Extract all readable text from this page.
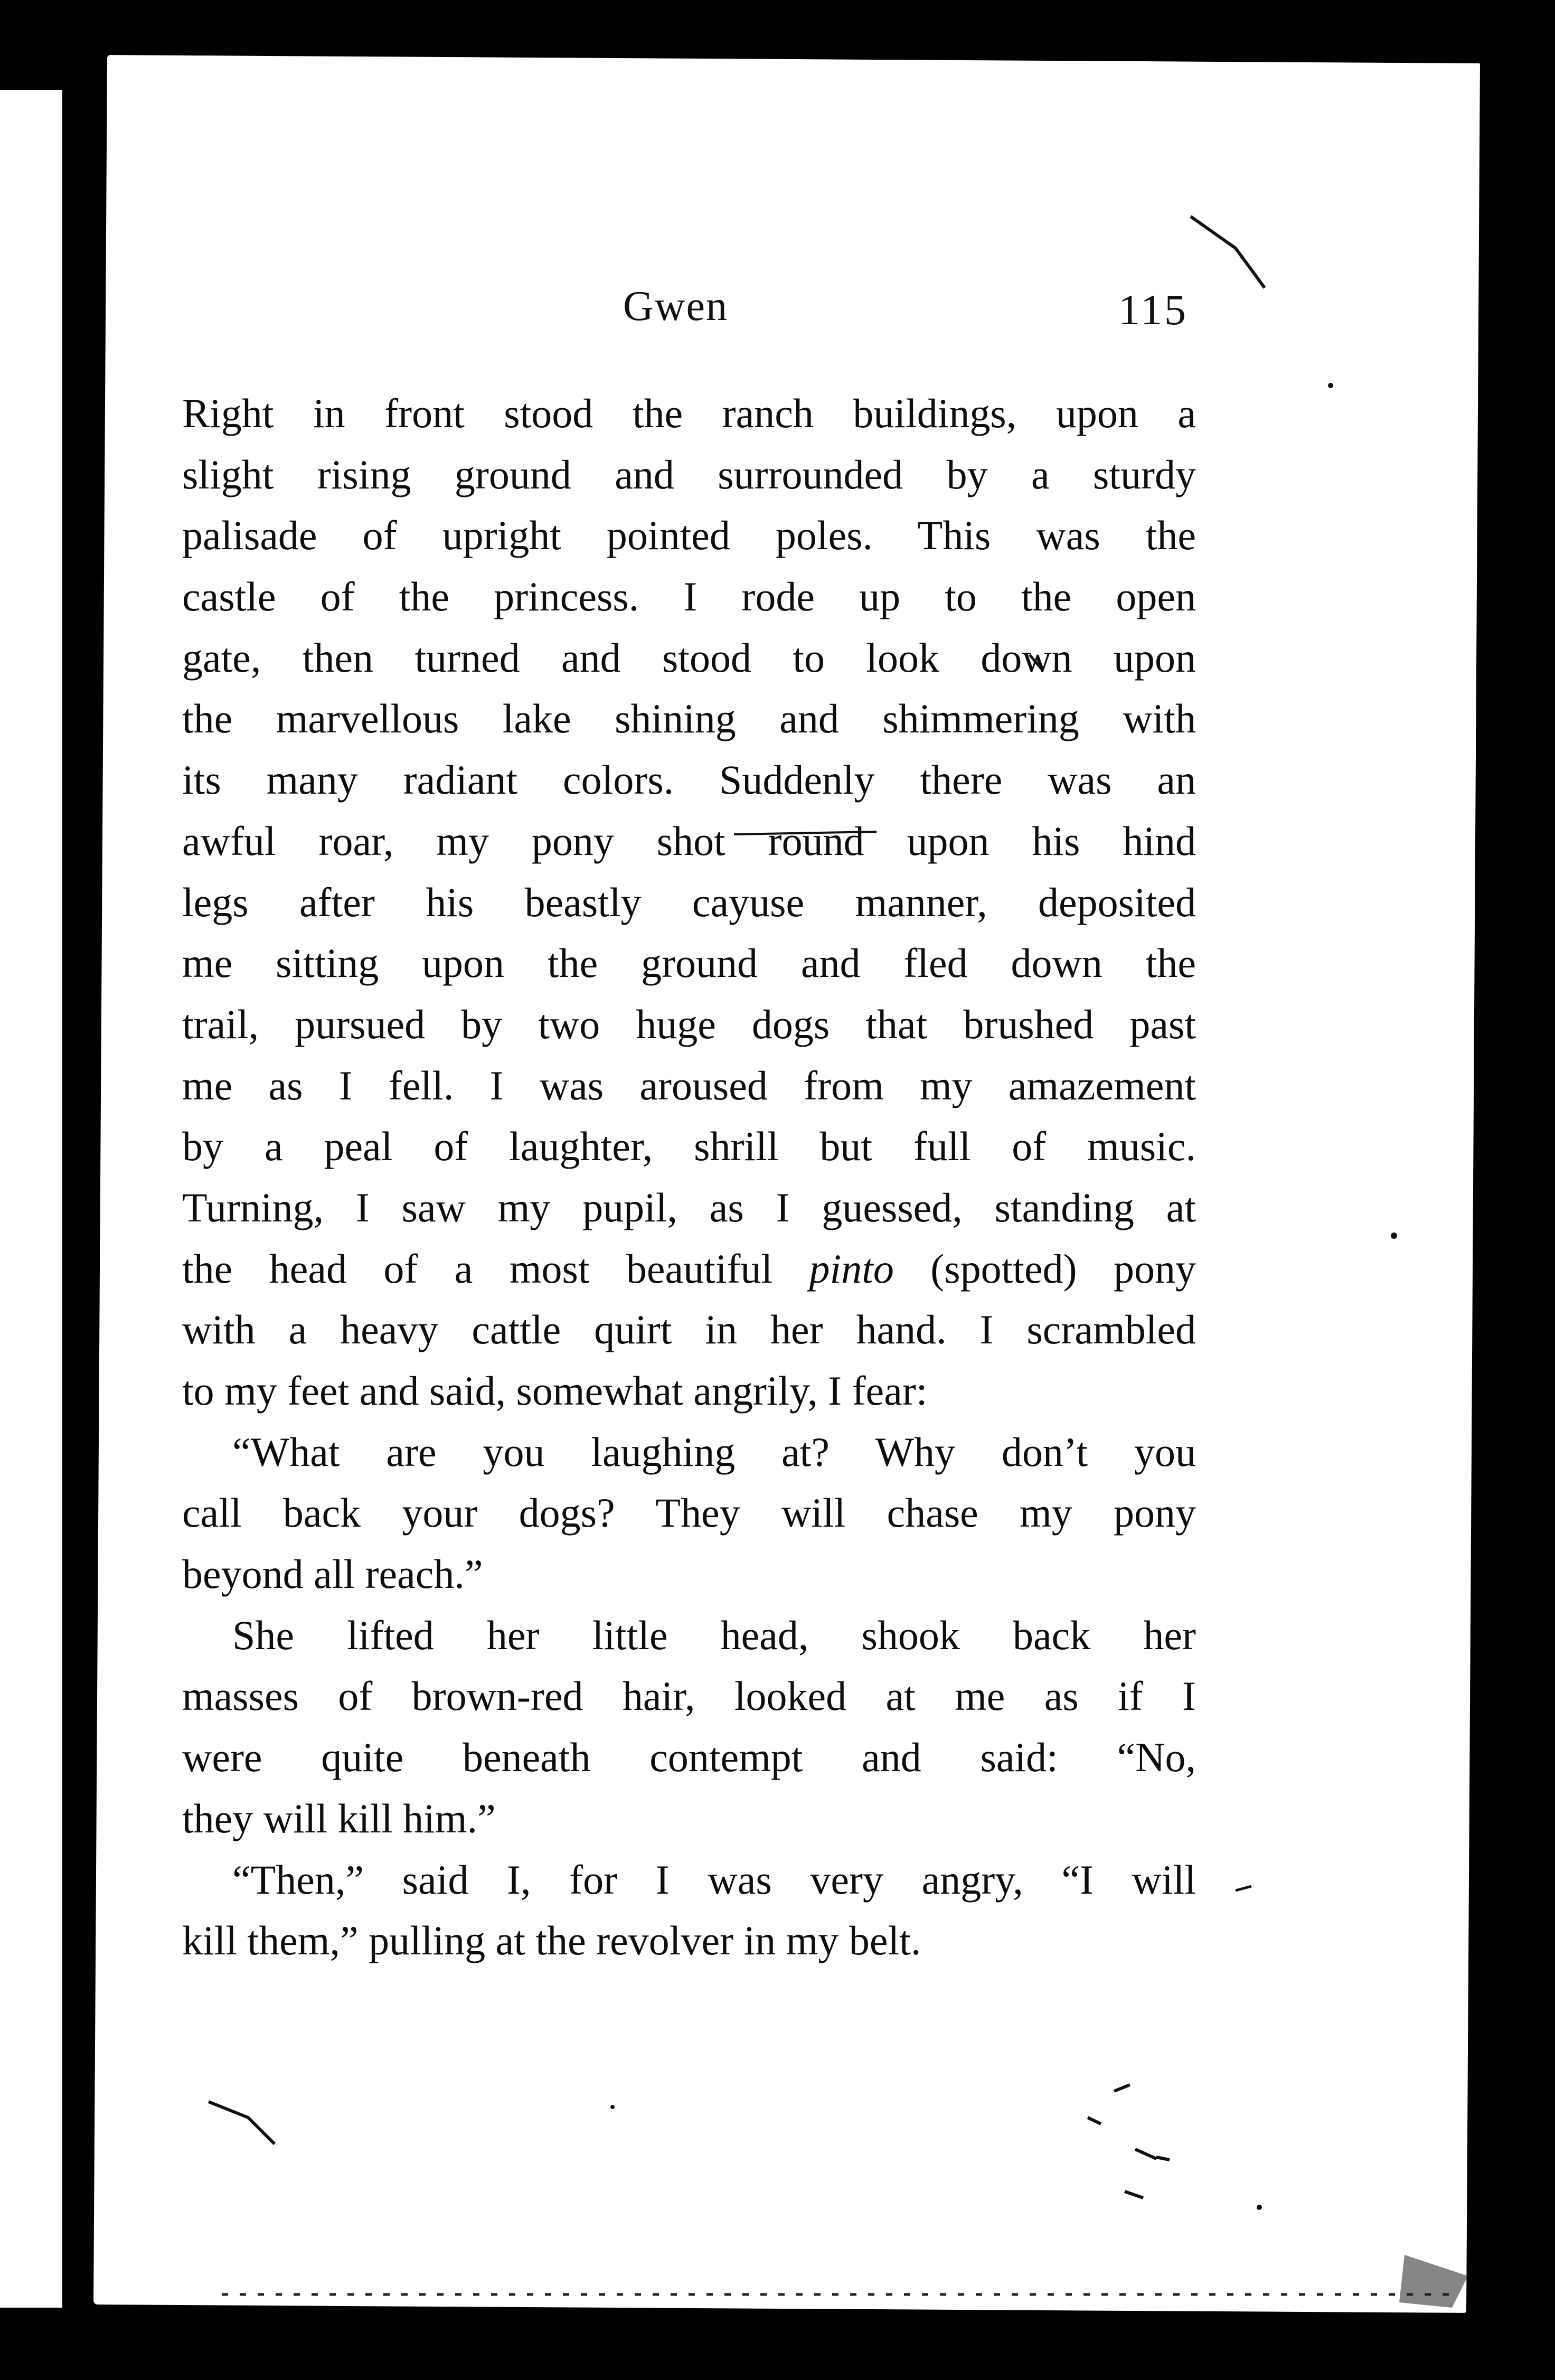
Gwen	115
Right in front stood the ranch buildings, upon a
slight rising ground and surrounded by a sturdy
palisade of upright pointed poles. This was the
castle of the princess. I rode up to the open
gate, then turned and stood to look down upon
the marvellous lake shining and shimmering with
its many radiant colors. Suddenly there was an
awful roar, my pony shot round upon his hind
legs after his beastly cayuse manner, deposited
me sitting upon the ground and fled down the
trail, pursued by two huge dogs that brushed past
me as I fell. I was aroused from my amazement
by a peal of laughter, shrill but full of music.
Turning, I saw my pupil, as I guessed, standing at
the head of a most beautiful pinto (spotted) pony
with a heavy cattle quirt in her hand. I scrambled
to my feet and said, somewhat angrily, I fear:
“What are you laughing at? Why don’t you
call back your dogs? They will chase my pony
beyond all reach.”
She lifted her little head, shook back her
masses of brown-red hair, looked at me as if I
were quite beneath contempt and said: “No,
they will kill him.”
“Then,” said I, for I was very angry, “I will
kill them,” pulling at the revolver in my belt.
